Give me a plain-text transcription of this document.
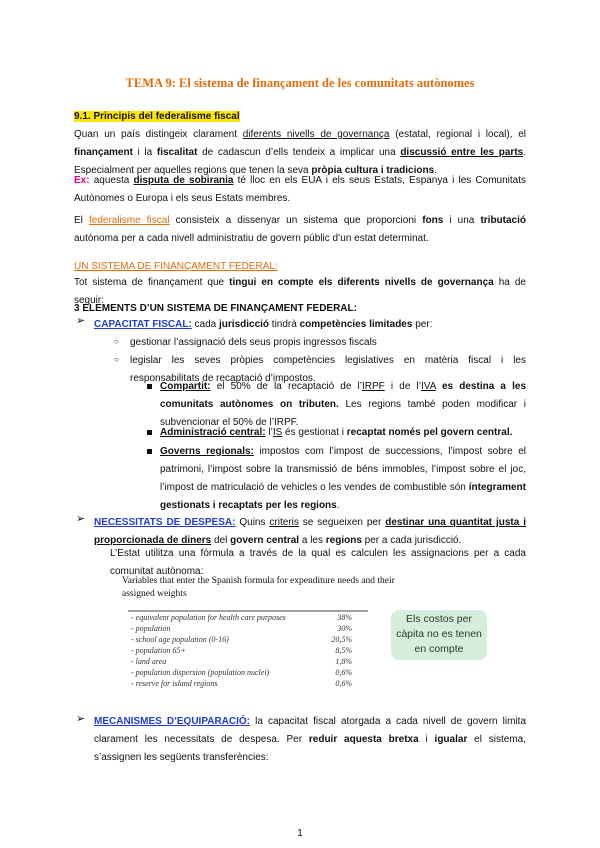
TEMA 9: El sistema de finançament de les comunitats autònomes
9.1. Principis del federalisme fiscal
Quan un país distingeix clarament diferents nivells de governança (estatal, regional i local), el finançament i la fiscalitat de cadascun d’ells tendeix a implicar una discussió entre les parts. Especialment per aquelles regions que tenen la seva pròpia cultura i tradicions.
Ex: aquesta disputa de sobirania té lloc en els EUA i els seus Estats, Espanya i les Comunitats Autònomes o Europa i els seus Estats membres.
El federalisme fiscal consisteix a dissenyar un sistema que proporcioni fons i una tributació autònoma per a cada nivell administratiu de govern públic d’un estat determinat.
UN SISTEMA DE FINANÇAMENT FEDERAL:
Tot sistema de finançament que tingui en compte els diferents nivells de governança ha de seguir:
3 ELEMENTS D’UN SISTEMA DE FINANÇAMENT FEDERAL:
➢ CAPACITAT FISCAL: cada jurisdicció tindrà competències limitades per:
○ gestionar l’assignació dels seus propis ingressos fiscals
○ legislar les seves pròpies competències legislatives en matèria fiscal i les responsabilitats de recaptació d’impostos.
Compartit: el 50% de la recaptació de l’IRPF i de l’IVA es destina a les comunitats autònomes on tributen. Les regions també poden modificar i subvencionar el 50% de l’IRPF.
Administració central: l’IS és gestionat i recaptat només pel govern central.
Governs regionals: impostos com l’impost de successions, l’impost sobre el patrimoni, l’impost sobre la transmissió de béns immobles, l’impost sobre el joc, l’impost de matriculació de vehicles o les vendes de combustible són íntegrament gestionats i recaptats per les regions.
➢ NECESSITATS DE DESPESA: Quins criteris se segueixen per destinar una quantitat justa i proporcionada de diners del govern central a les regions per a cada jurisdicció.
L’Estat utilitza una fórmula a través de la qual es calculen les assignacions per a cada comunitat autònoma:
Variables that enter the Spanish formula for expenditure needs and their assigned weights
- equivalent population for health care purposes	38%
- population	30%
- school age population (0-16)	20,5%
- population 65+	8,5%
- land area	1,8%
- population dispersion (population nuclei)	0,6%
- reserve for island regions	0,6%
Els costos per càpita no es tenen en compte
➢ MECANISMES D’EQUIPARACIÓ: la capacitat fiscal atorgada a cada nivell de govern limita clarament les necessitats de despesa. Per reduir aquesta bretxa i igualar el sistema, s’assignen les següents transferències:
1
